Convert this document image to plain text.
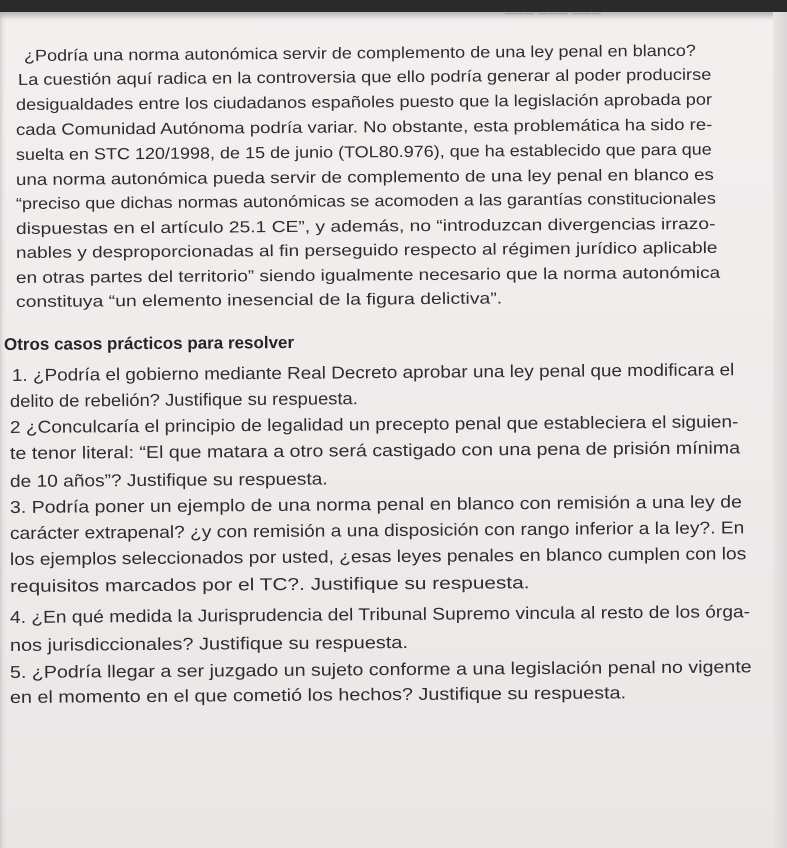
——— ——— ———
¿Podría una norma autonómica servir de complemento de una ley penal en blanco?
La cuestión aquí radica en la controversia que ello podría generar al poder producirse
desigualdades entre los ciudadanos españoles puesto que la legislación aprobada por
cada Comunidad Autónoma podría variar. No obstante, esta problemática ha sido re-
suelta en STC 120/1998, de 15 de junio (TOL80.976), que ha establecido que para que
una norma autonómica pueda servir de complemento de una ley penal en blanco es
“preciso que dichas normas autonómicas se acomoden a las garantías constitucionales
dispuestas en el artículo 25.1 CE”, y además, no “introduzcan divergencias irrazo-
nables y desproporcionadas al fin perseguido respecto al régimen jurídico aplicable
en otras partes del territorio” siendo igualmente necesario que la norma autonómica
constituya “un elemento inesencial de la figura delictiva”.
Otros casos prácticos para resolver
1. ¿Podría el gobierno mediante Real Decreto aprobar una ley penal que modificara el
delito de rebelión? Justifique su respuesta.
2 ¿Conculcaría el principio de legalidad un precepto penal que estableciera el siguien-
te tenor literal: “El que matara a otro será castigado con una pena de prisión mínima
de 10 años”? Justifique su respuesta.
3. Podría poner un ejemplo de una norma penal en blanco con remisión a una ley de
carácter extrapenal? ¿y con remisión a una disposición con rango inferior a la ley?. En
los ejemplos seleccionados por usted, ¿esas leyes penales en blanco cumplen con los
requisitos marcados por el TC?. Justifique su respuesta.
4. ¿En qué medida la Jurisprudencia del Tribunal Supremo vincula al resto de los órga-
nos jurisdiccionales? Justifique su respuesta.
5. ¿Podría llegar a ser juzgado un sujeto conforme a una legislación penal no vigente
en el momento en el que cometió los hechos? Justifique su respuesta.
